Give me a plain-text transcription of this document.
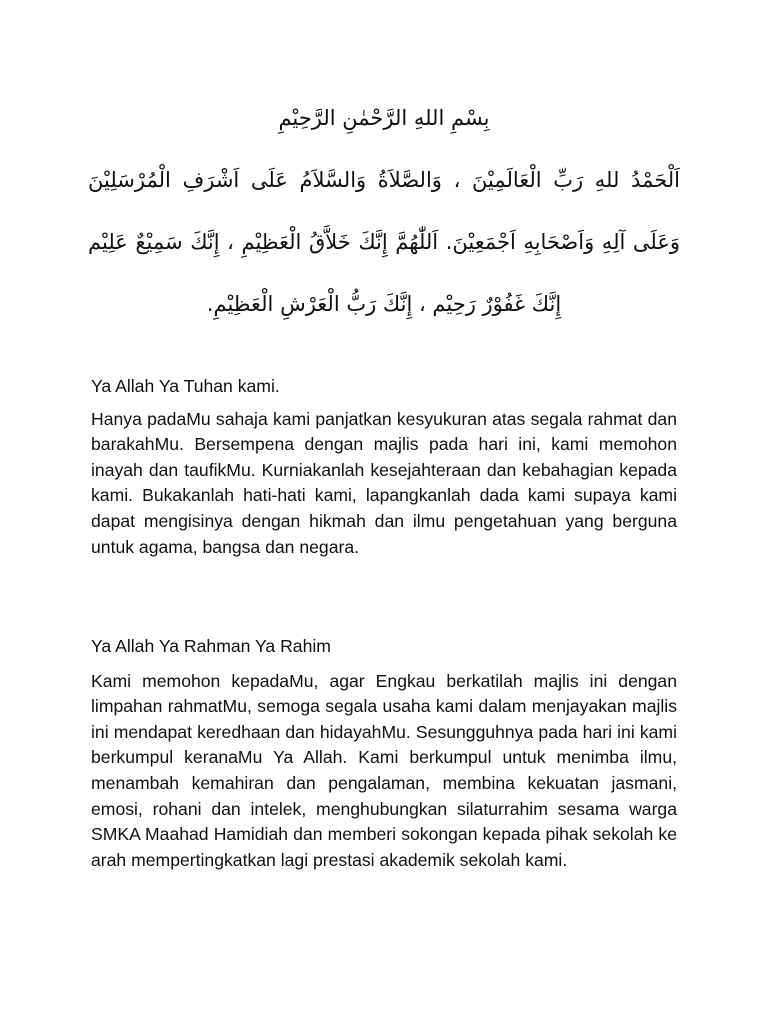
بِسْمِ اللهِ الرَّحْمٰنِ الرَّحِيْمِ
اَلْحَمْدُ للهِ رَبِّ الْعَالَمِيْنَ ، وَالصَّلاَةُ وَالسَّلاَمُ عَلَى اَشْرَفِ الْمُرْسَلِيْنَ
وَعَلَى آلِهِ وَاَصْحَابِهِ اَجْمَعِيْنَ. اَللّٰهُمَّ إِنَّكَ خَلاَّقُ الْعَظِيْمِ ، إِنَّكَ سَمِيْعٌ عَلِيْم
إِنَّكَ غَفُوْرٌ رَحِيْم ، إِنَّكَ رَبُّ الْعَرْشِ الْعَظِيْمِ.

Ya Allah Ya Tuhan kami.

Hanya padaMu sahaja kami panjatkan kesyukuran atas segala rahmat dan barakahMu. Bersempena dengan majlis pada hari ini, kami memohon inayah dan taufikMu. Kurniakanlah kesejahteraan dan kebahagian kepada kami. Bukakanlah hati-hati kami, lapangkanlah dada kami supaya kami dapat mengisinya dengan hikmah dan ilmu pengetahuan yang berguna untuk agama, bangsa dan negara.

Ya Allah Ya Rahman Ya Rahim

Kami memohon kepadaMu, agar Engkau berkatilah majlis ini dengan limpahan rahmatMu, semoga segala usaha kami dalam menjayakan majlis ini mendapat keredhaan dan hidayahMu. Sesungguhnya pada hari ini kami berkumpul keranaMu Ya Allah. Kami berkumpul untuk menimba ilmu, menambah kemahiran dan pengalaman, membina kekuatan jasmani, emosi, rohani dan intelek, menghubungkan silaturrahim sesama warga SMKA Maahad Hamidiah dan memberi sokongan kepada pihak sekolah ke arah mempertingkatkan lagi prestasi akademik sekolah kami.
